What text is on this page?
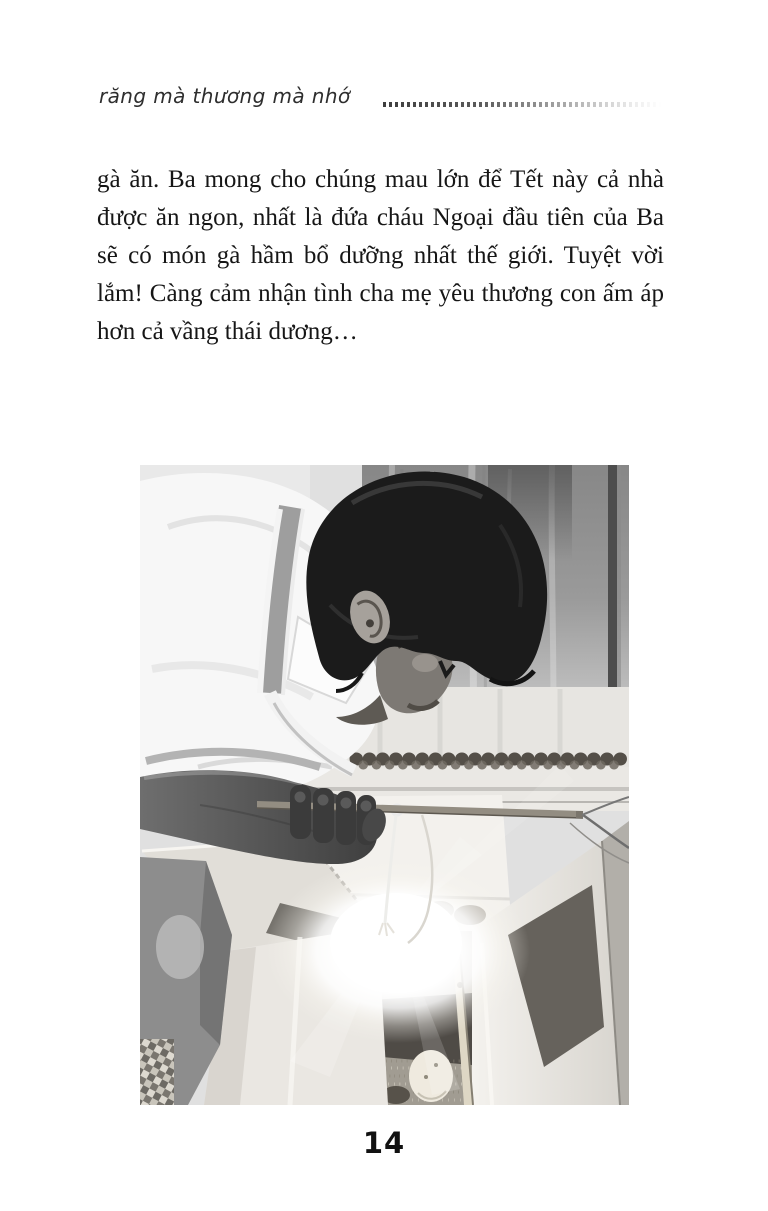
răng mà thương mà nhớ

gà ăn. Ba mong cho chúng mau lớn để Tết này cả nhà được ăn ngon, nhất là đứa cháu Ngoại đầu tiên của Ba sẽ có món gà hầm bổ dưỡng nhất thế giới. Tuyệt vời lắm! Càng cảm nhận tình cha mẹ yêu thương con ấm áp hơn cả vầng thái dương…

14
